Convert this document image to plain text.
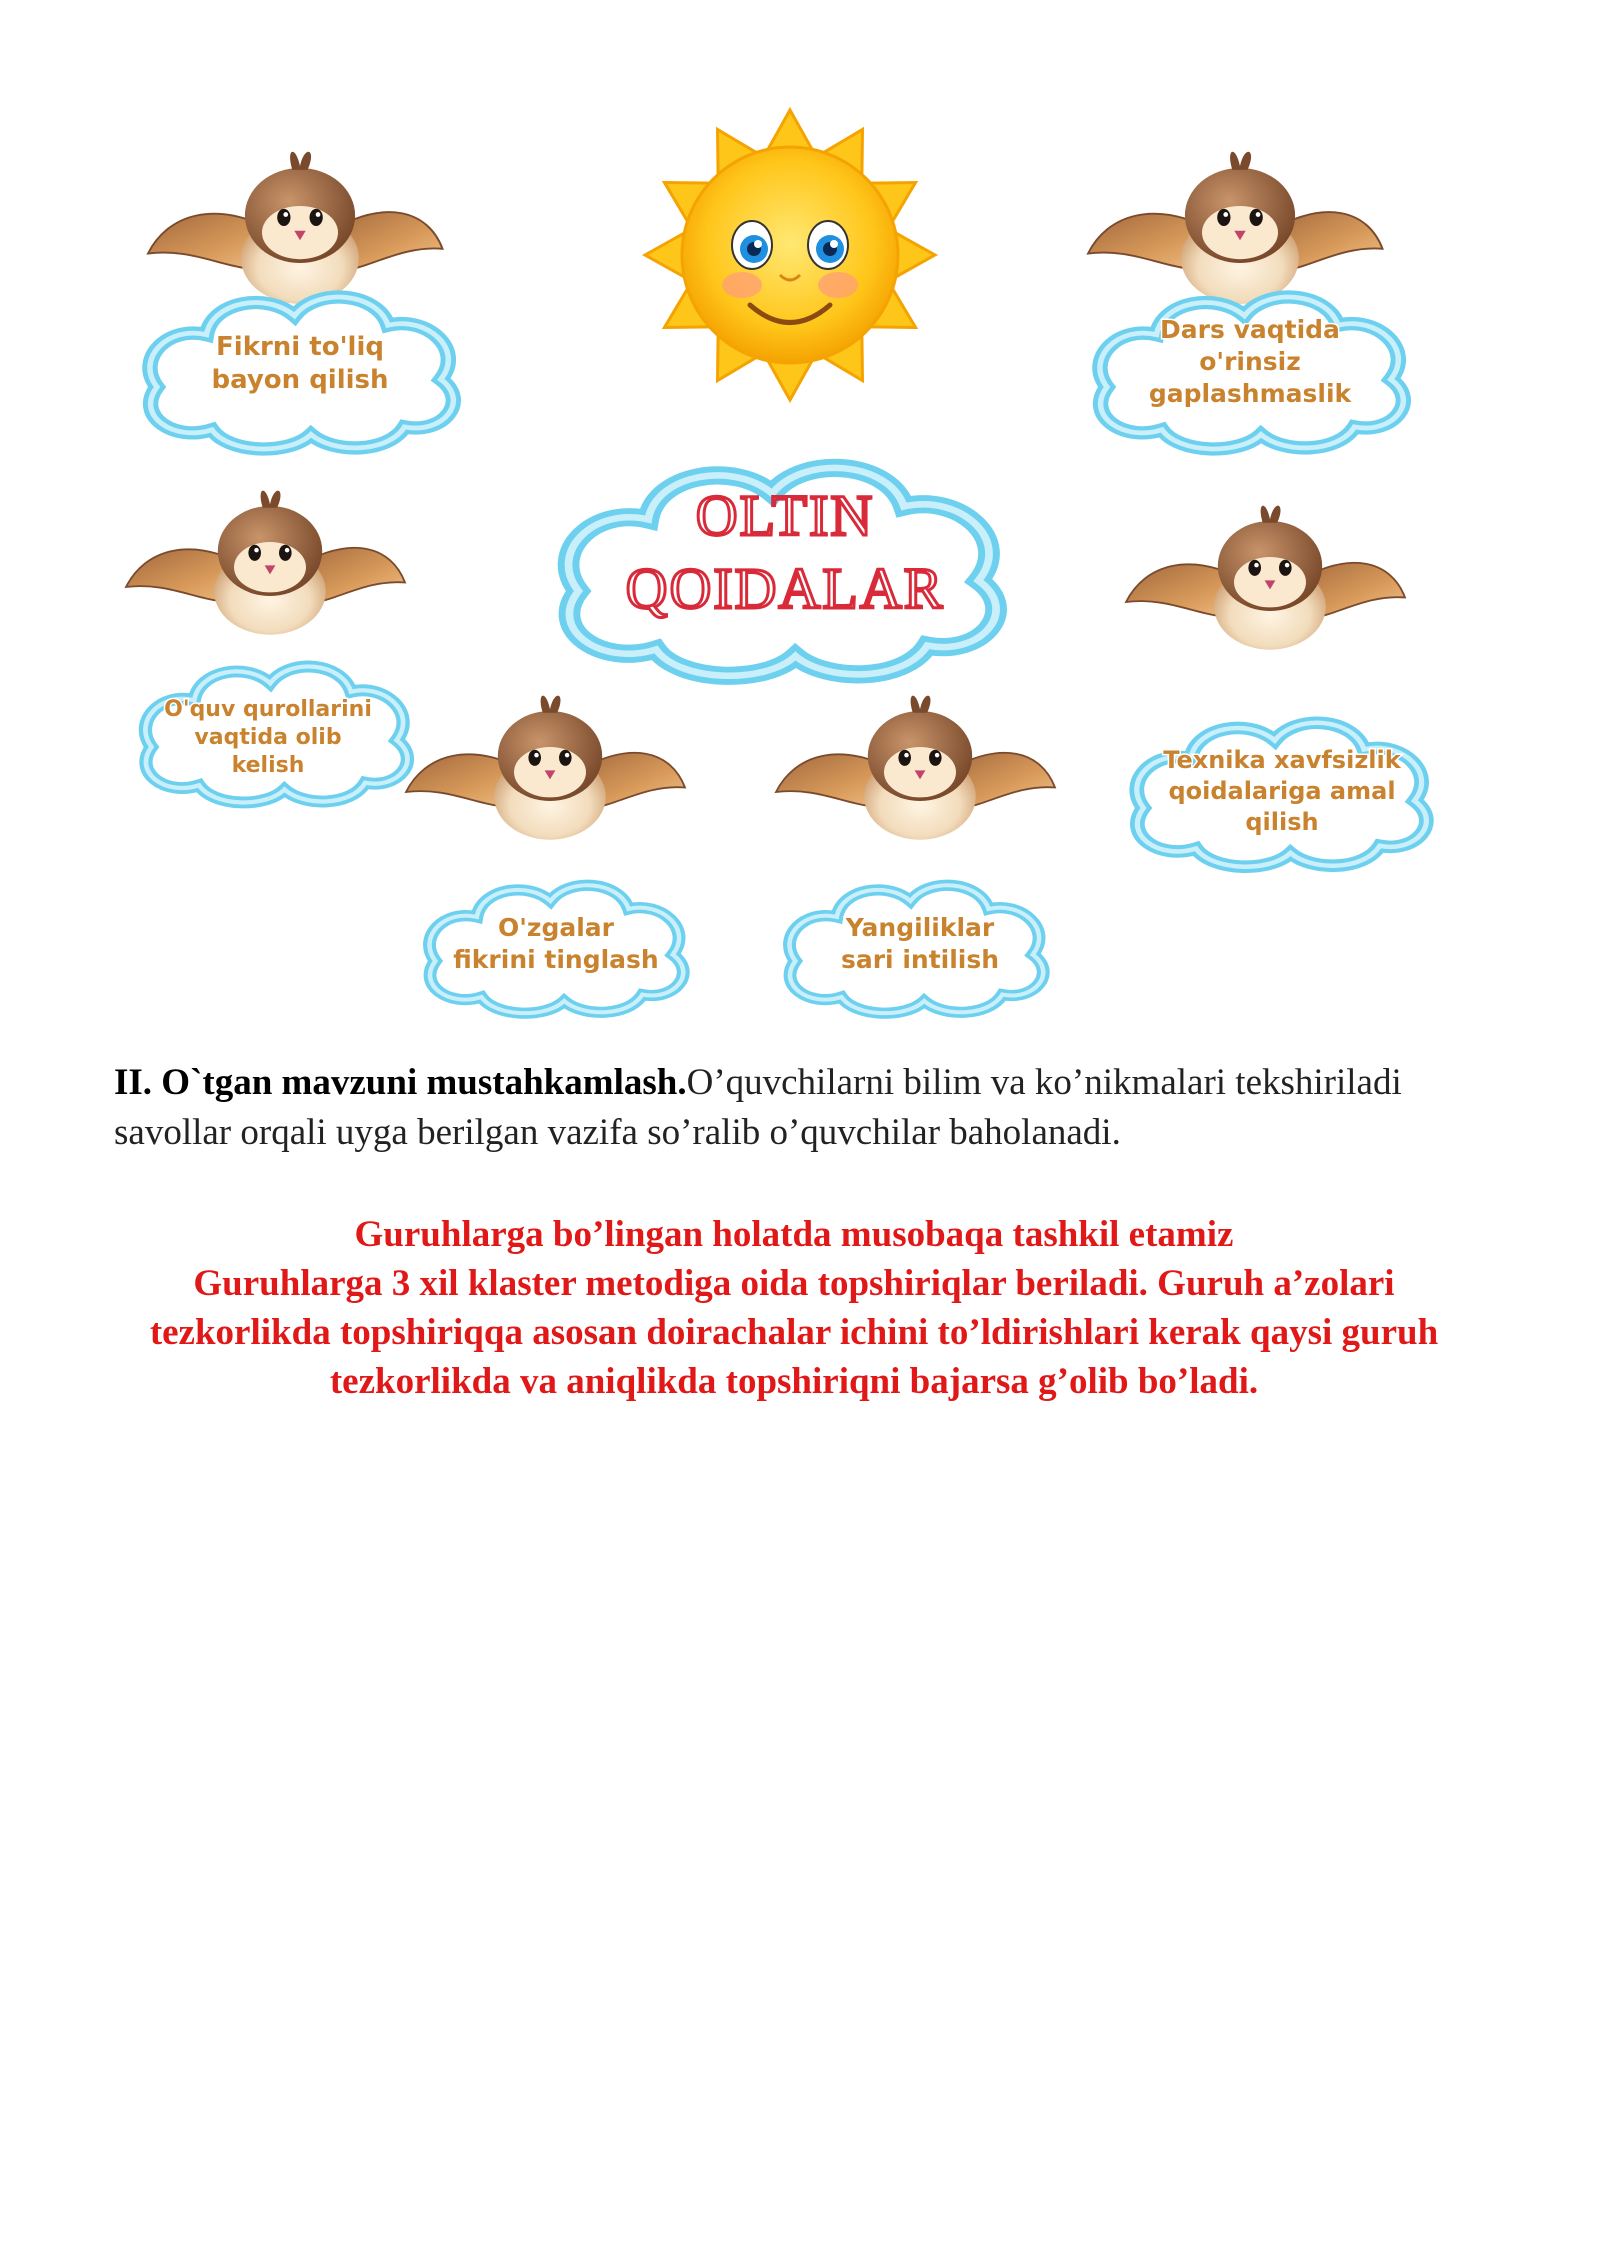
OLTIN
QOIDALAR
Fikrni to'liq
bayon qilish
Dars vaqtida
o'rinsiz
gaplashmaslik
O'quv qurollarini
vaqtida olib
kelish	Texnika xavfsizlik
qoidalariga amal
qilish
O'zgalar
fikrini tinglash
Yangiliklar
sari intilish
II. O`tgan mavzuni mustahkamlash.O’quvchilarni bilim va ko’nikmalari tekshiriladi savollar orqali uyga berilgan vazifa so’ralib o’quvchilar baholanadi.

Guruhlarga bo’lingan holatda musobaqa tashkil etamiz

Guruhlarga 3 xil klaster metodiga oida topshiriqlar beriladi. Guruh a’zolari tezkorlikda topshiriqqa asosan doirachalar ichini to’ldirishlari kerak qaysi guruh tezkorlikda va aniqlikda topshiriqni bajarsa g’olib bo’ladi.
